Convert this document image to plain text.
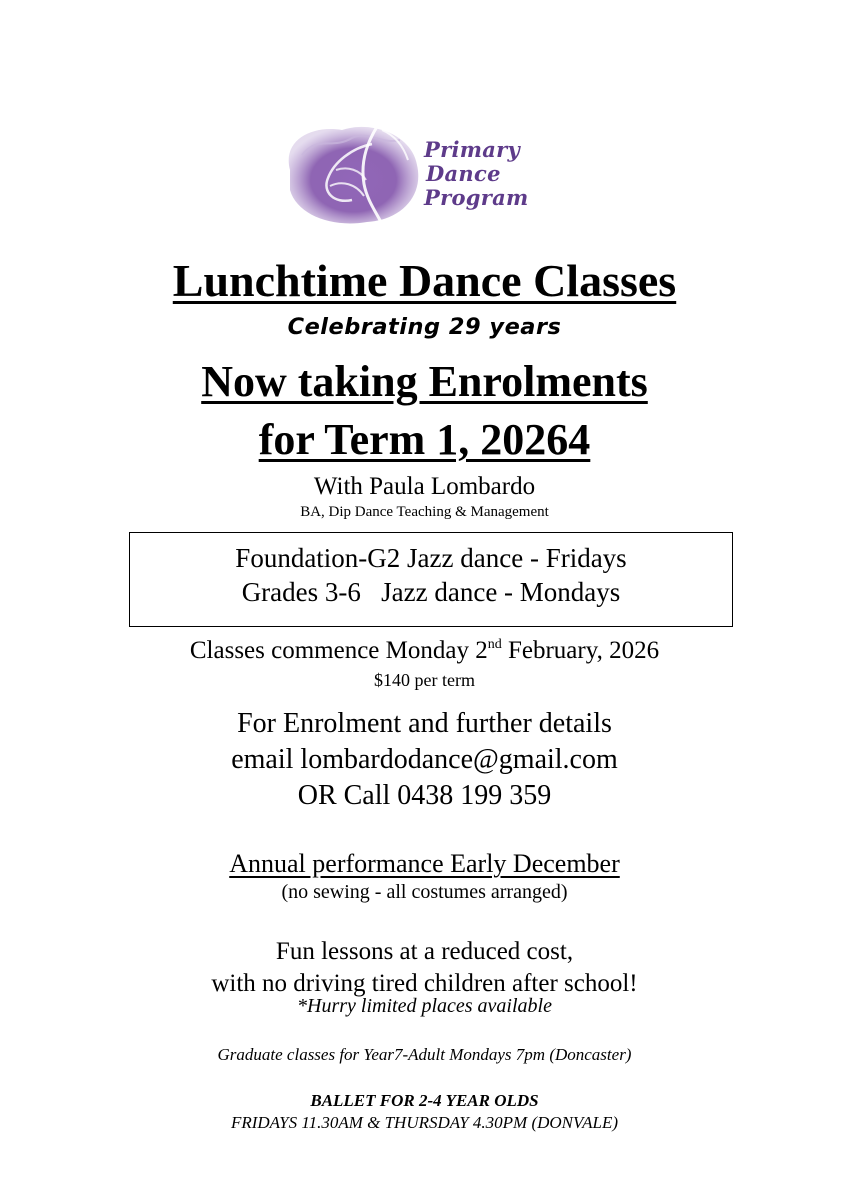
Primary
Dance
Program
Lunchtime Dance Classes
Celebrating 29 years
Now taking Enrolments
for Term 1, 20264
With Paula Lombardo
BA, Dip Dance Teaching & Management
Foundation-G2 Jazz dance - Fridays
Grades 3-6   Jazz dance - Mondays
Classes commence Monday 2nd February, 2026
$140 per term
For Enrolment and further details
email lombardodance@gmail.com
OR Call 0438 199 359
Annual performance Early December
(no sewing - all costumes arranged)
Fun lessons at a reduced cost,
with no driving tired children after school!
*Hurry limited places available
Graduate classes for Year7-Adult Mondays 7pm (Doncaster)
BALLET FOR 2-4 YEAR OLDS
FRIDAYS 11.30AM & THURSDAY 4.30PM (DONVALE)
